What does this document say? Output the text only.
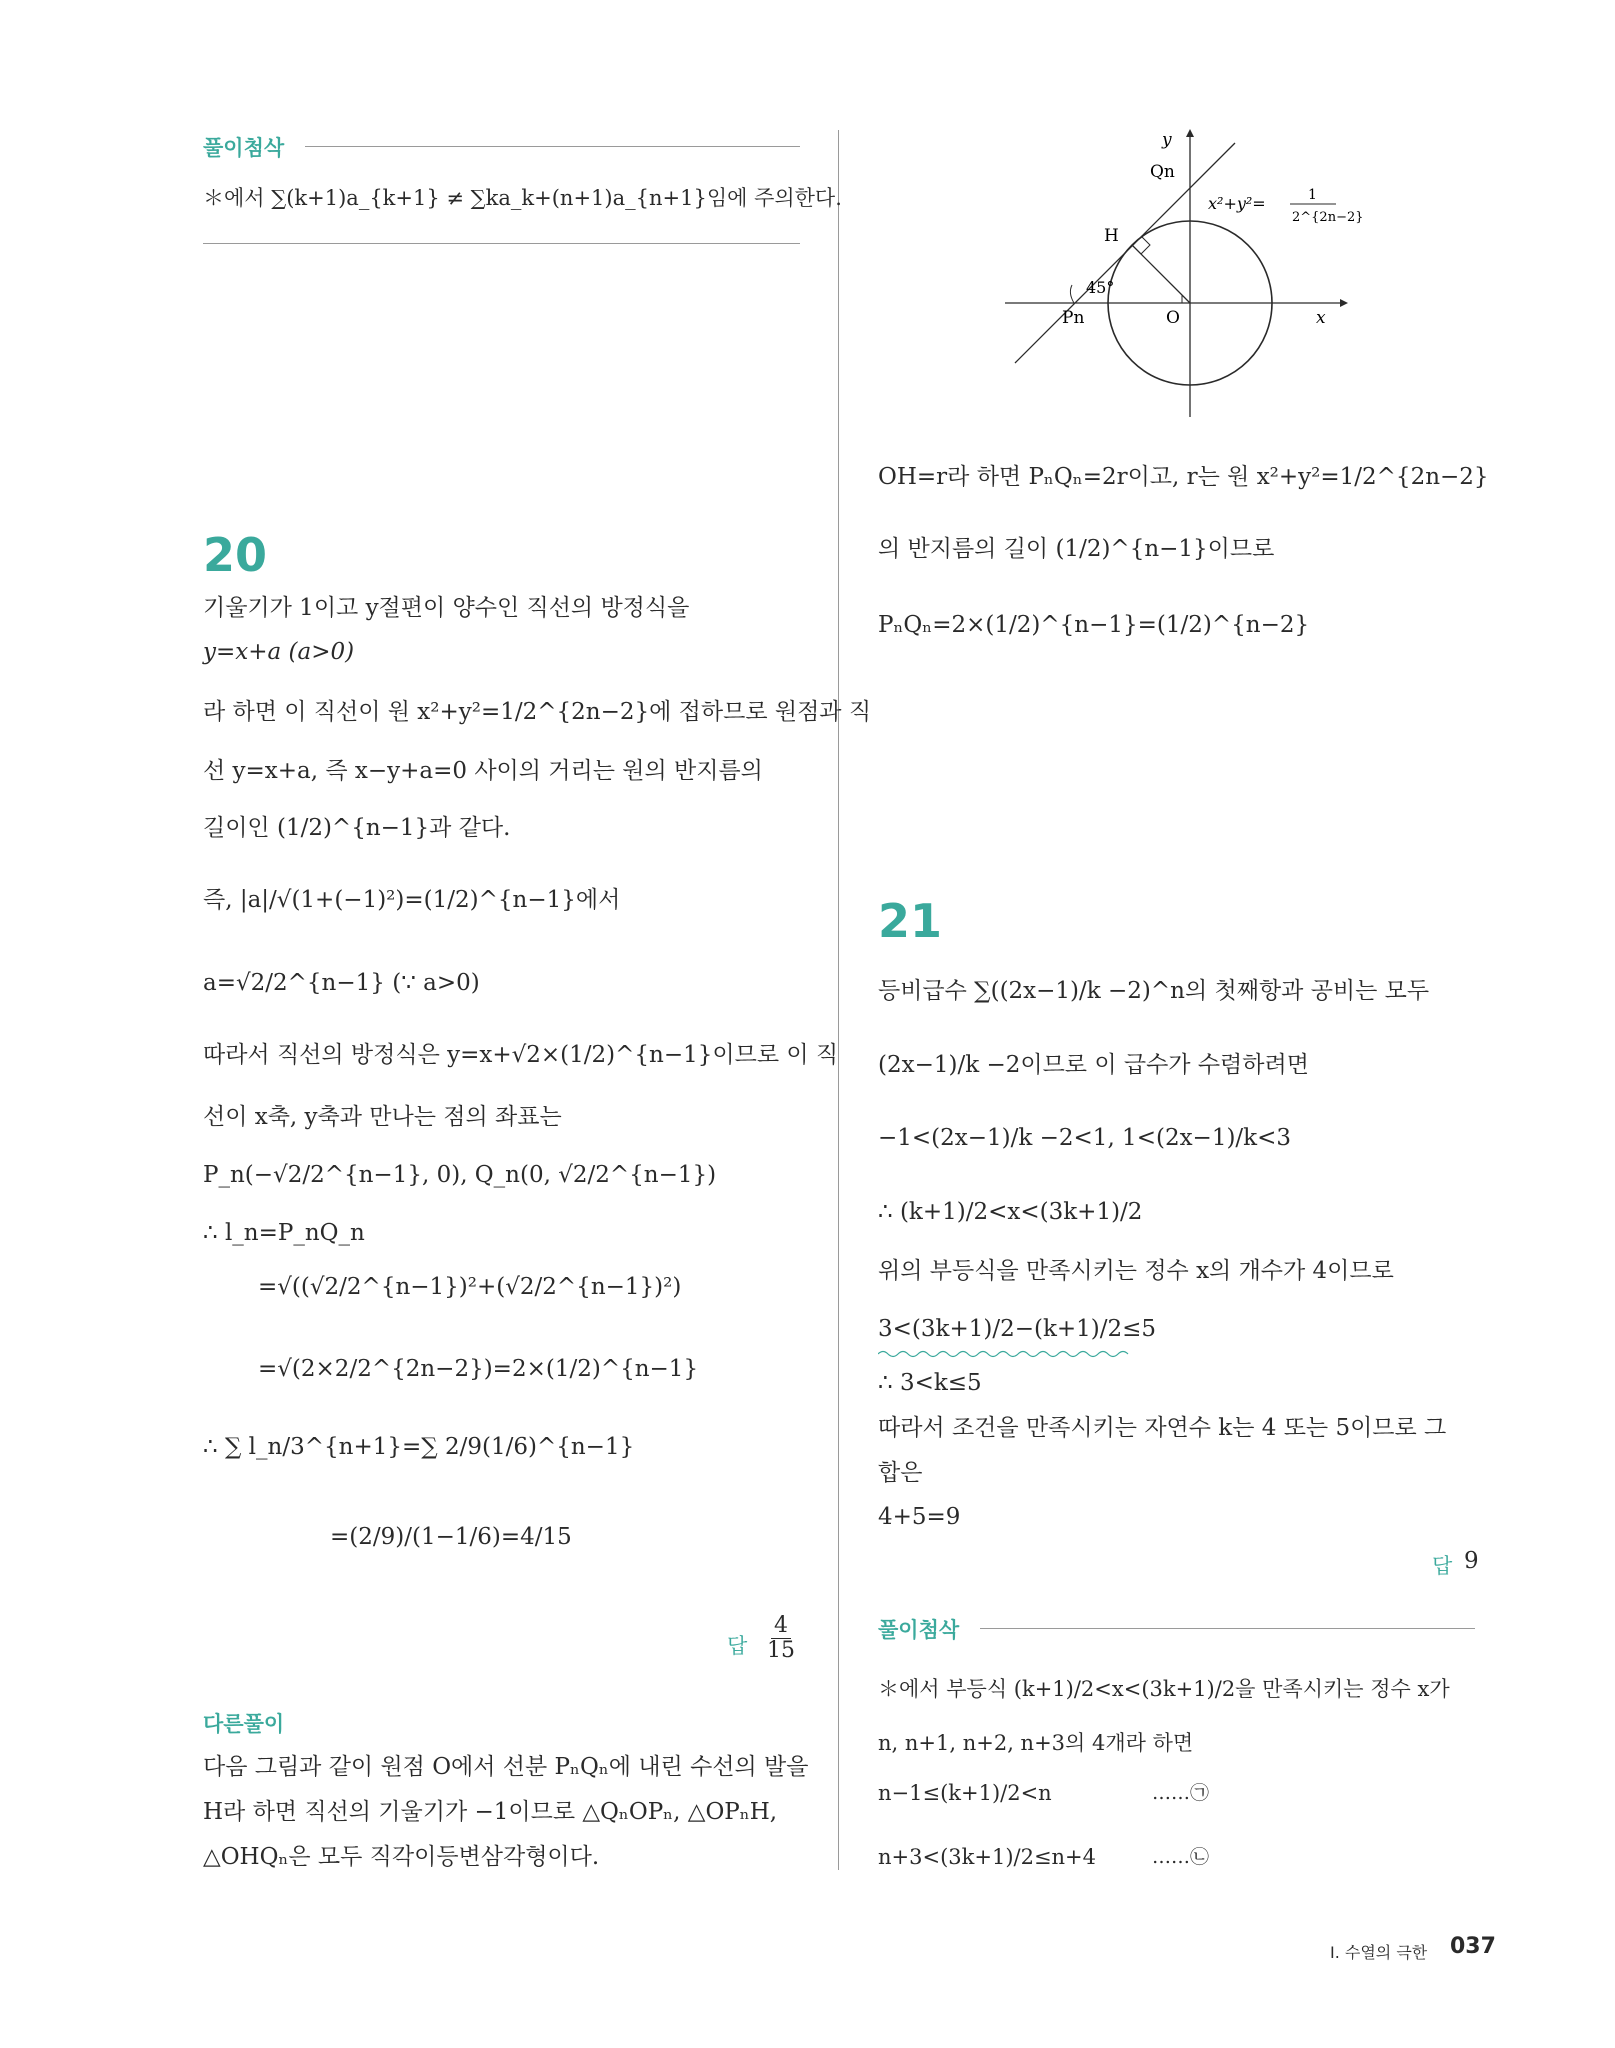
풀이첨삭
＊에서 ∑(k+1)a_{k+1} ≠ ∑ka_k+(n+1)a_{n+1}임에 주의한다.
20
기울기가 1이고 y절편이 양수인 직선의 방정식을
y=x+a (a>0)
라 하면 이 직선이 원 x²+y²=1/2^{2n−2}에 접하므로 원점과 직
선 y=x+a, 즉 x−y+a=0 사이의 거리는 원의 반지름의
길이인 (1/2)^{n−1}과 같다.
즉, |a|/√(1+(−1)²)=(1/2)^{n−1}에서
a=√2/2^{n−1} (∵ a>0)
따라서 직선의 방정식은 y=x+√2×(1/2)^{n−1}이므로 이 직
선이 x축, y축과 만나는 점의 좌표는
P_n(−√2/2^{n−1}, 0), Q_n(0, √2/2^{n−1})
∴ l_n=P_nQ_n
=√((√2/2^{n−1})²+(√2/2^{n−1})²)
=√(2×2/2^{2n−2})=2×(1/2)^{n−1}
∴ ∑ l_n/3^{n+1}=∑ 2/9(1/6)^{n−1}
=(2/9)/(1−1/6)=4/15
답 $\frac{4}{15}$
다른풀이
다음 그림과 같이 원점 O에서 선분 PₙQₙ에 내린 수선의 발을
H라 하면 직선의 기울기가 −1이므로 △QₙOPₙ, △OPₙH,
△OHQₙ은 모두 직각이등변삼각형이다.
y
x
Qn
Pn
H
O
45°
x²+y²=	1
2^{2n−2}
OH=r라 하면 PₙQₙ=2r이고, r는 원 x²+y²=1/2^{2n−2}
의 반지름의 길이 (1/2)^{n−1}이므로
PₙQₙ=2×(1/2)^{n−1}=(1/2)^{n−2}
21
등비급수 ∑((2x−1)/k −2)^n의 첫째항과 공비는 모두
(2x−1)/k −2이므로 이 급수가 수렴하려면
−1<(2x−1)/k −2<1, 1<(2x−1)/k<3
∴ (k+1)/2<x<(3k+1)/2
위의 부등식을 만족시키는 정수 x의 개수가 4이므로
3<(3k+1)/2−(k+1)/2≤5
∴ 3<k≤5
따라서 조건을 만족시키는 자연수 k는 4 또는 5이므로 그
합은
4+5=9
답 9
풀이첨삭
＊에서 부등식 (k+1)/2<x<(3k+1)/2을 만족시키는 정수 x가
n, n+1, n+2, n+3의 4개라 하면
n−1≤(k+1)/2<n	……㉠
n+3<(3k+1)/2≤n+4	……㉡
Ⅰ. 수열의 극한 037
